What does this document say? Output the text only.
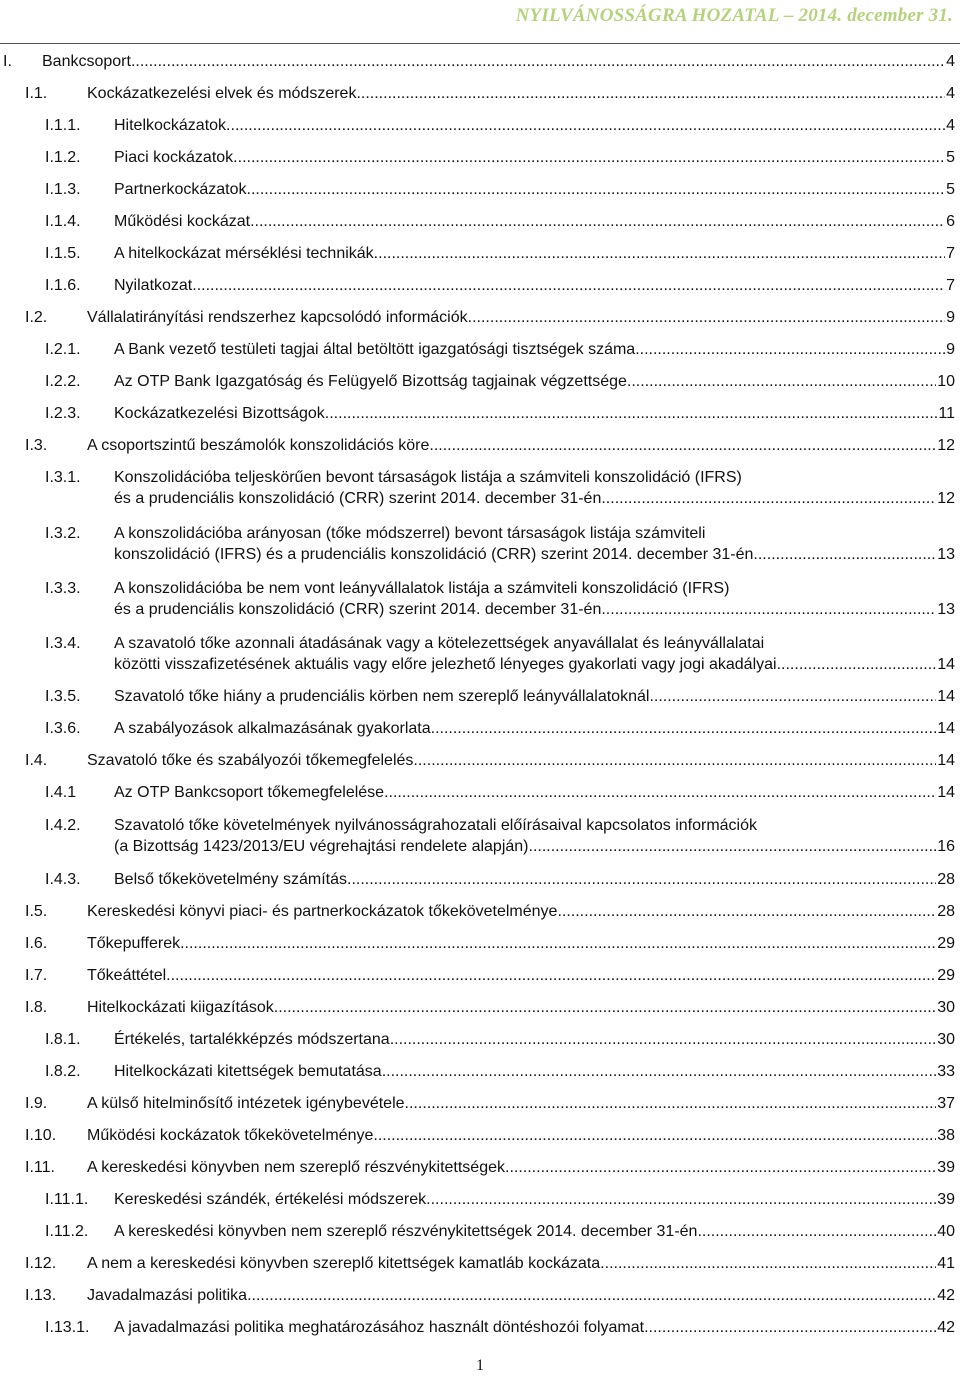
NYILVÁNOSSÁGRA HOZATAL – 2014. december 31.
I. Bankcsoport .....	4
I.1. Kockázatkezelési elvek és módszerek .....	4
I.1.1. Hitelkockázatok .....	4
I.1.2. Piaci kockázatok .....	5
I.1.3. Partnerkockázatok .....	5
I.1.4. Működési kockázat .....	6
I.1.5. A hitelkockázat mérséklési technikák .....	7
I.1.6. Nyilatkozat .....	7
I.2. Vállalatirányítási rendszerhez kapcsolódó információk .....	9
I.2.1. A Bank vezető testületi tagjai által betöltött igazgatósági tisztségek száma .....	9
I.2.2. Az OTP Bank Igazgatóság és Felügyelő Bizottság tagjainak végzettsége .....	10
I.2.3. Kockázatkezelési Bizottságok .....	11
I.3. A csoportszintű beszámolók konszolidációs köre .....	12
I.3.1. Konszolidációba teljeskörűen bevont társaságok listája a számviteli konszolidáció (IFRS)
és a prudenciális konszolidáció (CRR) szerint 2014. december 31-én .....	12
I.3.2. A konszolidációba arányosan (tőke módszerrel) bevont társaságok listája számviteli
konszolidáció (IFRS) és a prudenciális konszolidáció (CRR) szerint 2014. december 31-én .....	13
I.3.3. A konszolidációba be nem vont leányvállalatok listája a számviteli konszolidáció (IFRS)
és a prudenciális konszolidáció (CRR) szerint 2014. december 31-én .....	13
I.3.4. A szavatoló tőke azonnali átadásának vagy a kötelezettségek anyavállalat és leányvállalatai
közötti visszafizetésének aktuális vagy előre jelezhető lényeges gyakorlati vagy jogi akadályai .....	14
I.3.5. Szavatoló tőke hiány a prudenciális körben nem szereplő leányvállalatoknál .....	14
I.3.6. A szabályozások alkalmazásának gyakorlata .....	14
I.4. Szavatoló tőke és szabályozói tőkemegfelelés .....	14
I.4.1 Az OTP Bankcsoport tőkemegfelelése .....	14
I.4.2. Szavatoló tőke követelmények nyilvánosságrahozatali előírásaival kapcsolatos információk
(a Bizottság 1423/2013/EU végrehajtási rendelete alapján) .....	16
I.4.3. Belső tőkekövetelmény számítás .....	28
I.5. Kereskedési könyvi piaci- és partnerkockázatok tőkekövetelménye .....	28
I.6. Tőkepufferek .....	29
I.7. Tőkeáttétel .....	29
I.8. Hitelkockázati kiigazítások .....	30
I.8.1. Értékelés, tartalékképzés módszertana .....	30
I.8.2. Hitelkockázati kitettségek bemutatása .....	33
I.9. A külső hitelminősítő intézetek igénybevétele .....	37
I.10. Működési kockázatok tőkekövetelménye .....	38
I.11. A kereskedési könyvben nem szereplő részvénykitettségek .....	39
I.11.1. Kereskedési szándék, értékelési módszerek .....	39
I.11.2. A kereskedési könyvben nem szereplő részvénykitettségek 2014. december 31-én .....	40
I.12. A nem a kereskedési könyvben szereplő kitettségek kamatláb kockázata .....	41
I.13. Javadalmazási politika .....	42
I.13.1. A javadalmazási politika meghatározásához használt döntéshozói folyamat .....	42
1
